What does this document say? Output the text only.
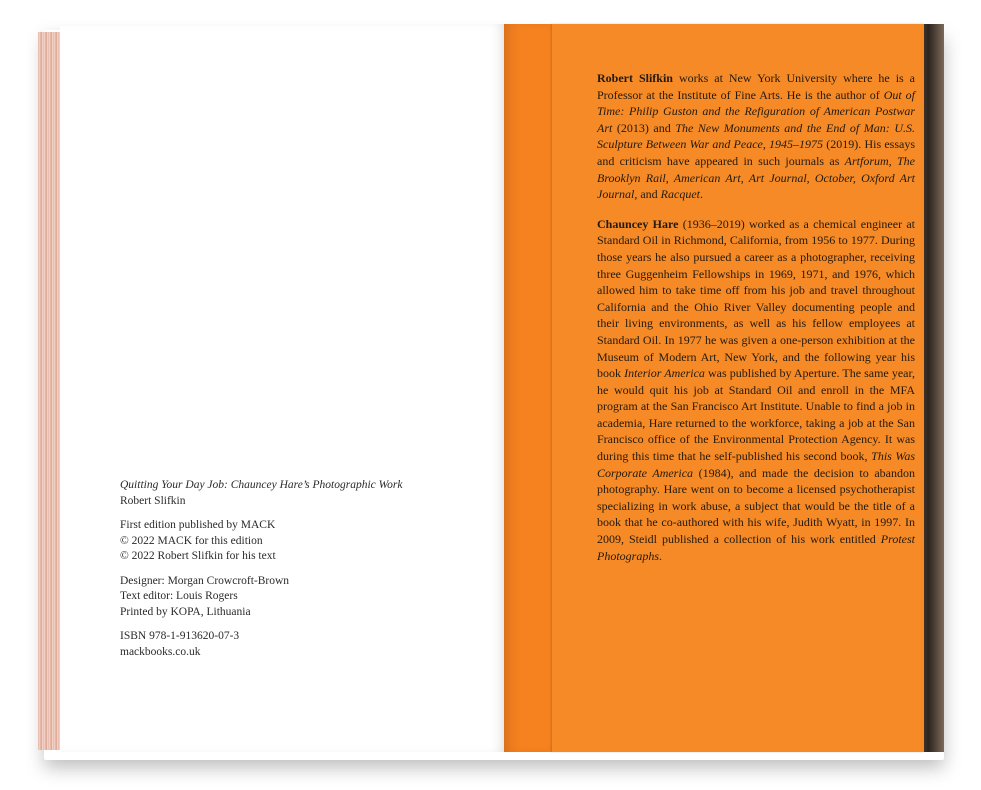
Quitting Your Day Job: Chauncey Hare’s Photographic Work

Robert Slifkin

First edition published by MACK

© 2022 MACK for this edition

© 2022 Robert Slifkin for his text

Designer: Morgan Crowcroft-Brown

Text editor: Louis Rogers

Printed by KOPA, Lithuania

ISBN 978-1-913620-07-3

mackbooks.co.uk

Robert Slifkin works at New York University where he is a Professor at the Institute of Fine Arts. He is the author of Out of Time: Philip Guston and the Refiguration of American Postwar Art (2013) and The New Monuments and the End of Man: U.S. Sculpture Between War and Peace, 1945–1975 (2019). His essays and criticism have appeared in such journals as Artforum, The Brooklyn Rail, American Art, Art Journal, October, Oxford Art Journal, and Racquet.

Chauncey Hare (1936–2019) worked as a chemical engineer at Standard Oil in Richmond, California, from 1956 to 1977. During those years he also pursued a career as a photographer, receiving three Guggenheim Fellowships in 1969, 1971, and 1976, which allowed him to take time off from his job and travel throughout California and the Ohio River Valley documenting people and their living environments, as well as his fellow employees at Standard Oil. In 1977 he was given a one-person exhibition at the Museum of Modern Art, New York, and the following year his book Interior America was published by Aperture. The same year, he would quit his job at Standard Oil and enroll in the MFA program at the San Francisco Art Institute. Unable to find a job in academia, Hare returned to the workforce, taking a job at the San Francisco office of the Environmental Protection Agency. It was during this time that he self-published his second book, This Was Corporate America (1984), and made the decision to abandon photography. Hare went on to become a licensed psychotherapist specializing in work abuse, a subject that would be the title of a book that he co-authored with his wife, Judith Wyatt, in 1997. In 2009, Steidl published a collection of his work entitled Protest Photographs.
